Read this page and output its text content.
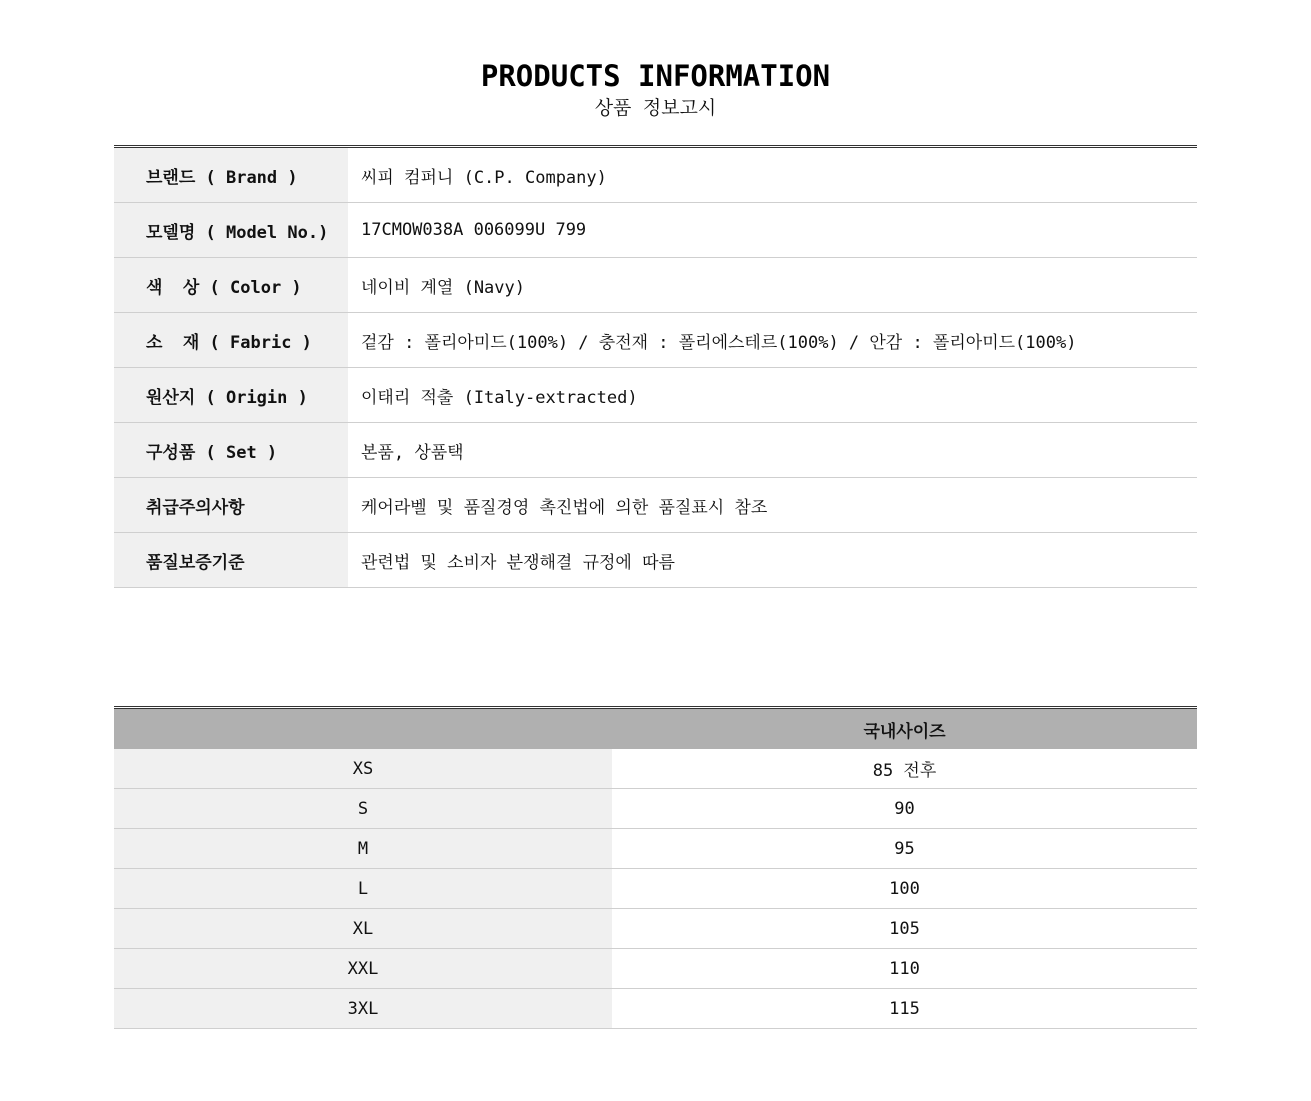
PRODUCTS INFORMATION
상품 정보고시
브랜드 ( Brand )	씨피 컴퍼니 (C.P. Company)
모델명 ( Model No.)	17CMOW038A 006099U 799
색  상 ( Color )	네이비 계열 (Navy)
소  재 ( Fabric )	겉감 : 폴리아미드(100%) / 충전재 : 폴리에스테르(100%) / 안감 : 폴리아미드(100%)
원산지 ( Origin )	이태리 적출 (Italy-extracted)
구성품 ( Set )	본품, 상품택
취급주의사항	케어라벨 및 품질경영 촉진법에 의한 품질표시 참조
품질보증기준	관련법 및 소비자 분쟁해결 규정에 따름
	국내사이즈
XS	85 전후
S	90
M	95
L	100
XL	105
XXL	110
3XL	115
